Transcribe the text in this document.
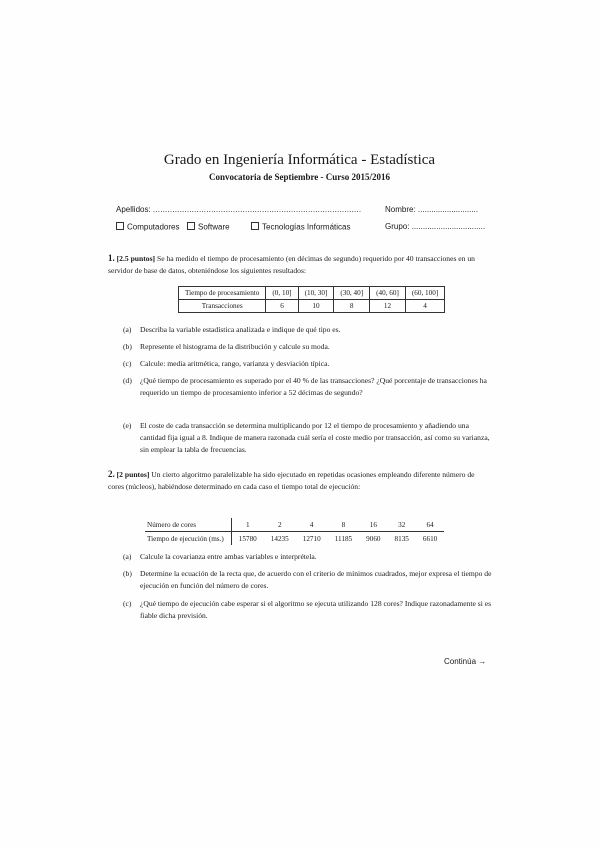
Grado en Ingeniería Informática - Estadística
Convocatoria de Septiembre - Curso 2015/2016
Apellidos: ......................................................................................	Nombre: ...........................
Computadores	Software	Tecnologías Informáticas	Grupo: .................................
1. [2.5 puntos] Se ha medido el tiempo de procesamiento (en décimas de segundo) requerido por 40 transacciones en un servidor de base de datos, obteniéndose los siguientes resultados:
Tiempo de procesamiento	(0, 10]	(10, 30]	(30, 40]	(40, 60]	(60, 100]
Transacciones	6	10	8	12	4
(a) Describa la variable estadística analizada e indique de qué tipo es.
(b) Represente el histograma de la distribución y calcule su moda.
(c) Calcule: media aritmética, rango, varianza y desviación típica.
(d) ¿Qué tiempo de procesamiento es superado por el 40 % de las transacciones? ¿Qué porcentaje de transacciones ha requerido un tiempo de procesamiento inferior a 52 décimas de segundo?
(e) El coste de cada transacción se determina multiplicando por 12 el tiempo de procesamiento y añadiendo una cantidad fija igual a 8. Indique de manera razonada cuál sería el coste medio por transacción, así como su varianza, sin emplear la tabla de frecuencias.
2. [2 puntos] Un cierto algoritmo paralelizable ha sido ejecutado en repetidas ocasiones empleando diferente número de cores (núcleos), habiéndose determinado en cada caso el tiempo total de ejecución:
Número de cores	1	2	4	8	16	32	64
Tiempo de ejecución (ms.)	15780	14235	12710	11185	9060	8135	6610
(a) Calcule la covarianza entre ambas variables e interprétela.
(b) Determine la ecuación de la recta que, de acuerdo con el criterio de mínimos cuadrados, mejor expresa el tiempo de ejecución en función del número de cores.
(c) ¿Qué tiempo de ejecución cabe esperar si el algoritmo se ejecuta utilizando 128 cores? Indique razonadamente si es fiable dicha previsión.
Continúa →
